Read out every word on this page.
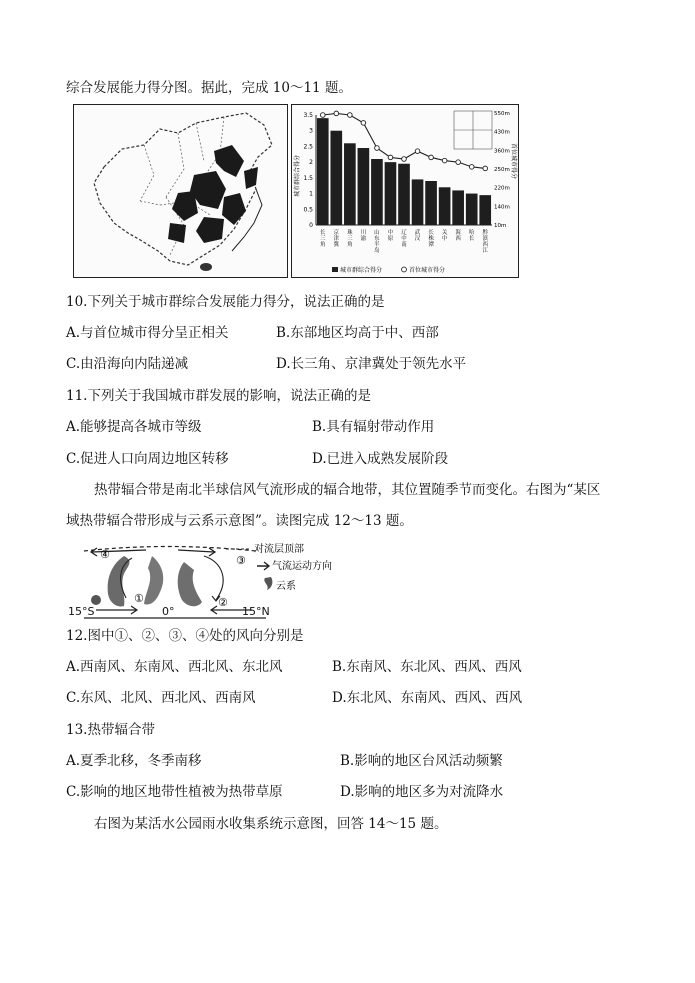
综合发展能力得分图。据此，完成 10～11 题。
城市群综合得分	首位城市得分
3.5
3
2.5
2
1.5
1
0.5
0
550m
430m
360m
250m
220m
140m
10m
长三角
京津冀
珠三角
川渝
山东半岛
中原
辽中南
武汉
长株潭
关中
海西
哈长
黔滇西江
城市群综合得分	首位城市得分
10.下列关于城市群综合发展能力得分，说法正确的是
A.与首位城市得分呈正相关	B.东部地区均高于中、西部
C.由沿海向内陆递减	D.长三角、京津冀处于领先水平
11.下列关于我国城市群发展的影响，说法正确的是
A.能够提高各城市等级	B.具有辐射带动作用
C.促进人口向周边地区转移	D.已进入成熟发展阶段
热带辐合带是南北半球信风气流形成的辐合地带，其位置随季节而变化。右图为“某区
域热带辐合带形成与云系示意图”。读图完成 12～13 题。
对流层顶部
气流运动方向
云系
①	②
③
④
15°S	0°	15°N
12.图中①、②、③、④处的风向分别是
A.西南风、东南风、西北风、东北风	B.东南风、东北风、西风、西风
C.东风、北风、西北风、西南风	D.东北风、东南风、西风、西风
13.热带辐合带
A.夏季北移，冬季南移	B.影响的地区台风活动频繁
C.影响的地区地带性植被为热带草原	D.影响的地区多为对流降水
右图为某活水公园雨水收集系统示意图，回答 14～15 题。
